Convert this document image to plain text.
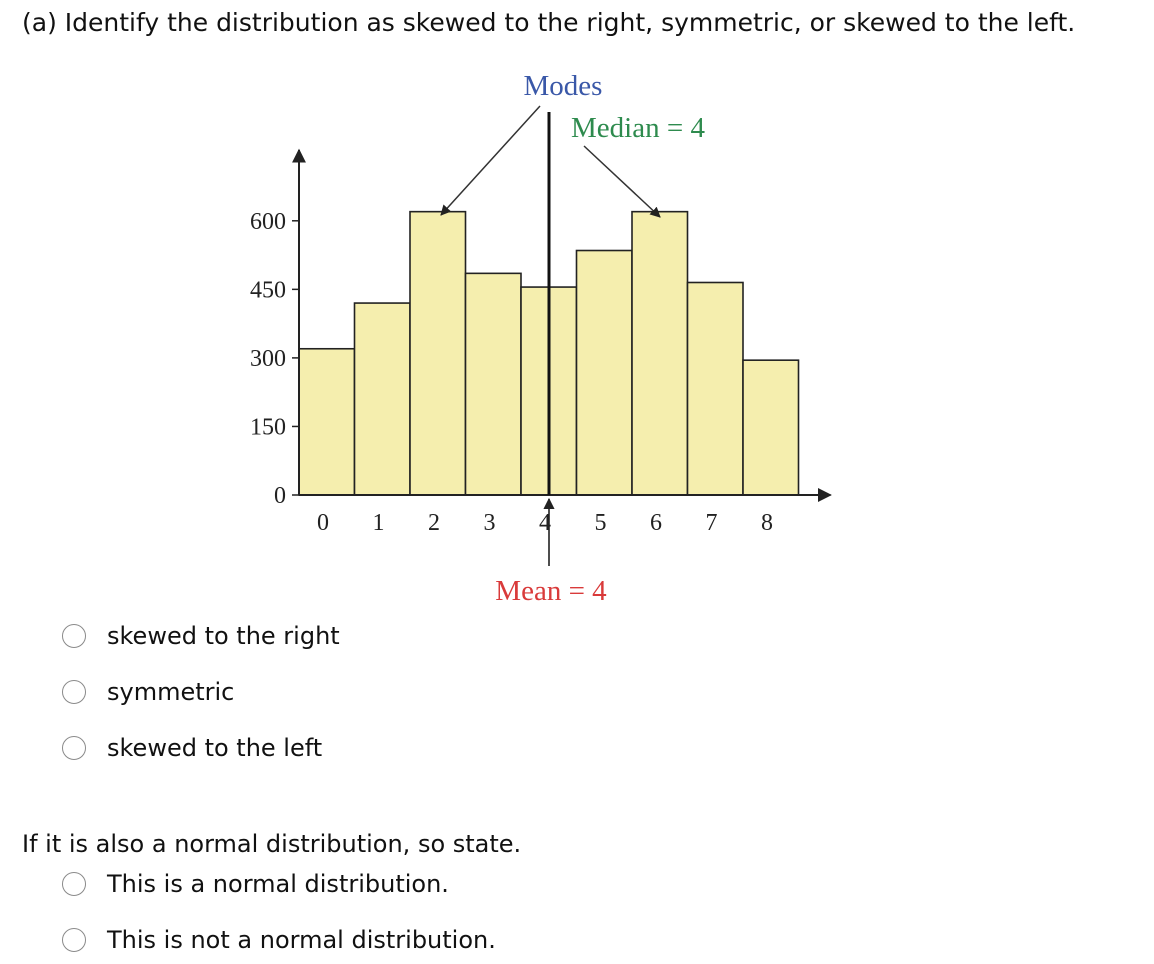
(a) Identify the distribution as skewed to the right, symmetric, or skewed to the left.
0
150
300
450
600
0 1 2 3 4 5 6 7 8
Modes
Median = 4
Mean = 4
skewed to the right
symmetric
skewed to the left
If it is also a normal distribution, so state.
This is a normal distribution.
This is not a normal distribution.
